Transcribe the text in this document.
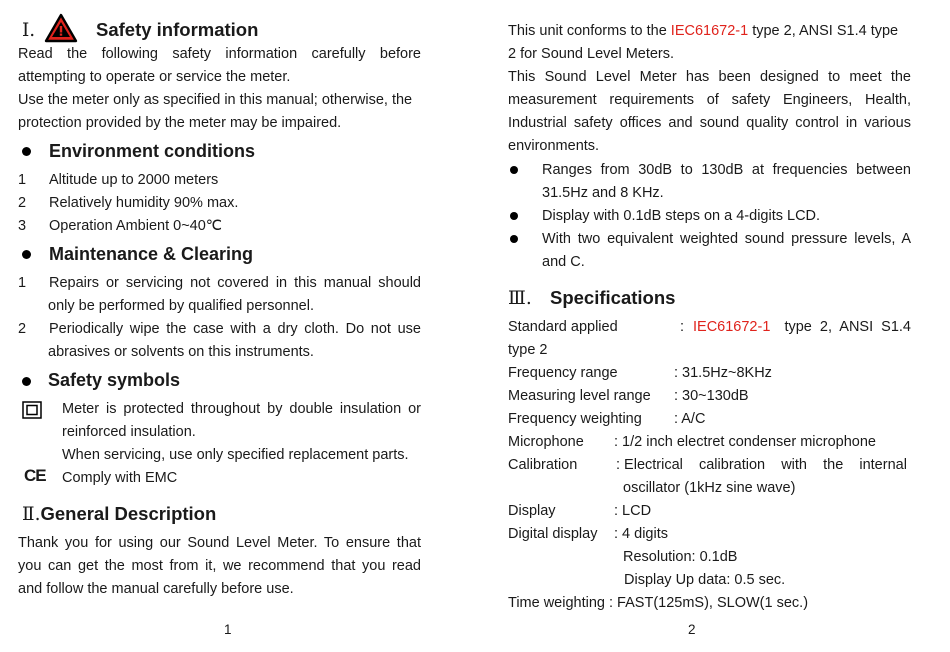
Ⅰ.	Safety information
Read the following safety information carefully before
attempting to operate or service the meter.
Use the meter only as specified in this manual; otherwise, the
protection provided by the meter may be impaired.
Environment conditions
1	Altitude up to 2000 meters
2	Relatively humidity 90% max.
3	Operation Ambient 0~40℃
Maintenance & Clearing
1	Repairs or servicing not covered in this manual should
only be performed by qualified personnel.
2	Periodically wipe the case with a dry cloth. Do not use
abrasives or solvents on this instruments.
Safety symbols
Meter is protected throughout by double insulation or
reinforced insulation.
When servicing, use only specified replacement parts.
CE Comply with EMC
Ⅱ.General Description
Thank you for using our Sound Level Meter. To ensure that
you can get the most from it, we recommend that you read
and follow the manual carefully before use.
1
This unit conforms to the IEC61672-1 type 2, ANSI S1.4 type
2 for Sound Level Meters.
This Sound Level Meter has been designed to meet the
measurement requirements of safety Engineers, Health,
Industrial safety offices and sound quality control in various
environments.
Ranges from 30dB to 130dB at frequencies between
31.5Hz and 8 KHz.
Display with 0.1dB steps on a 4-digits LCD.
With two equivalent weighted sound pressure levels, A
and C.
Ⅲ. Specifications
Standard applied	: IEC61672-1 type  2,  ANSI  S1.4
type 2
Frequency range	: 31.5Hz~8KHz
Measuring level range : 30~130dB
Frequency weighting : A/C
Microphone : 1/2 inch electret condenser microphone
Calibration	: Electrical    calibration    with    the    internal
oscillator (1kHz sine wave)
Display	: LCD
Digital display : 4 digits
Resolution: 0.1dB
Display Up data: 0.5 sec.
Time weighting : FAST(125mS), SLOW(1 sec.)
2
